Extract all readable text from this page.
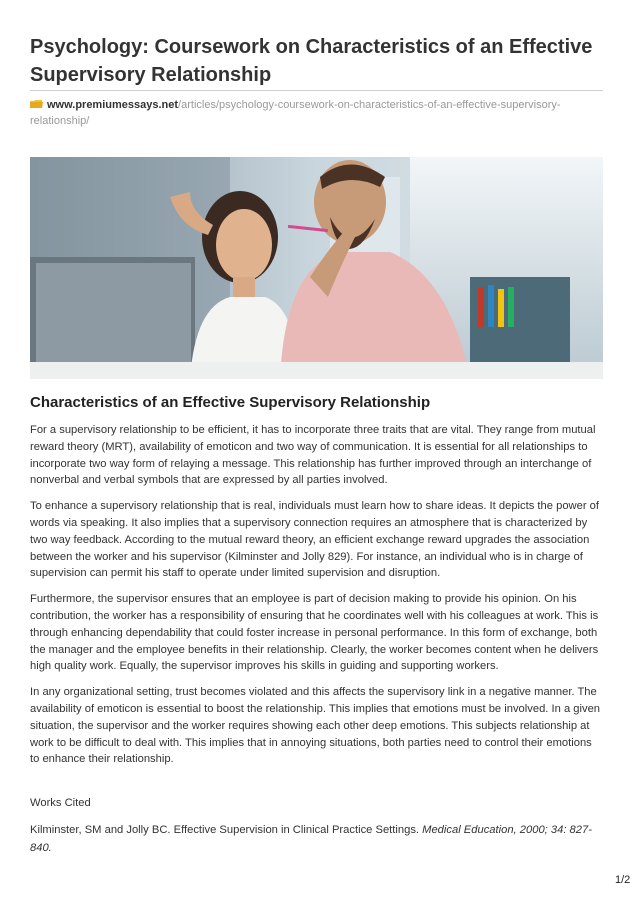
Psychology: Coursework on Characteristics of an Effective Supervisory Relationship
www.premiumessays.net/articles/psychology-coursework-on-characteristics-of-an-effective-supervisory-relationship/
Characteristics of an Effective Supervisory Relationship

For a supervisory relationship to be efficient, it has to incorporate three traits that are vital. They range from mutual reward theory (MRT), availability of emoticon and two way of communication. It is essential for all relationships to incorporate two way form of relaying a message. This relationship has further improved through an interchange of nonverbal and verbal symbols that are expressed by all parties involved.

To enhance a supervisory relationship that is real, individuals must learn how to share ideas. It depicts the power of words via speaking. It also implies that a supervisory connection requires an atmosphere that is characterized by two way feedback. According to the mutual reward theory, an efficient exchange reward upgrades the association between the worker and his supervisor (Kilminster and Jolly 829). For instance, an individual who is in charge of supervision can permit his staff to operate under limited supervision and disruption.

Furthermore, the supervisor ensures that an employee is part of decision making to provide his opinion. On his contribution, the worker has a responsibility of ensuring that he coordinates well with his colleagues at work. This is through enhancing dependability that could foster increase in personal performance. In this form of exchange, both the manager and the employee benefits in their relationship. Clearly, the worker becomes content when he delivers high quality work. Equally, the supervisor improves his skills in guiding and supporting workers.

In any organizational setting, trust becomes violated and this affects the supervisory link in a negative manner. The availability of emoticon is essential to boost the relationship. This implies that emotions must be involved. In a given situation, the supervisor and the worker requires showing each other deep emotions. This subjects relationship at work to be difficult to deal with. This implies that in annoying situations, both parties need to control their emotions to enhance their relationship.

Works Cited
Kilminster, SM and Jolly BC. Effective Supervision in Clinical Practice Settings. Medical Education, 2000; 34: 827-840.
1/2
